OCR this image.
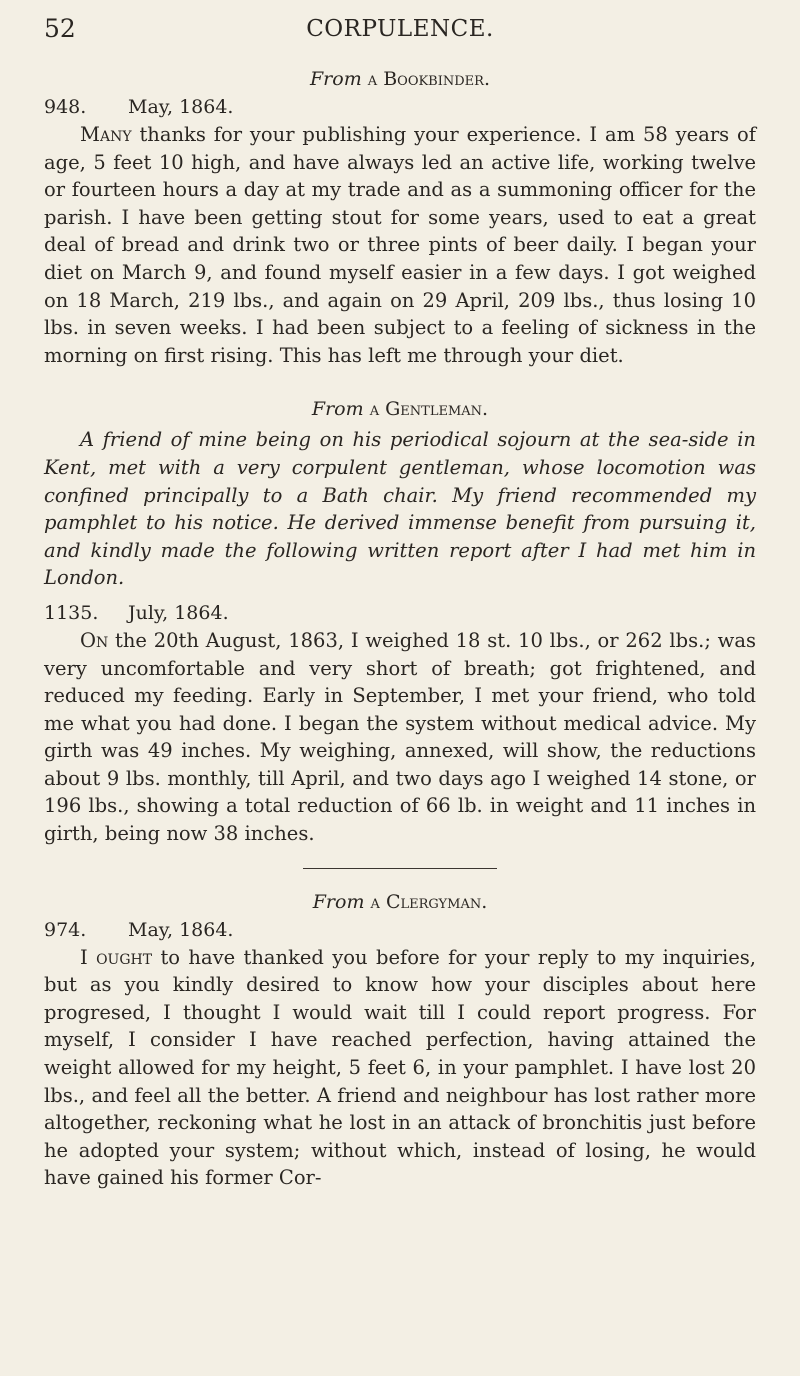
CORPULENCE.
52

From a Bookbinder.

948. May, 1864.

Many thanks for your publishing your experience. I am 58 years of age, 5 feet 10 high, and have always led an active life, working twelve or fourteen hours a day at my trade and as a summoning officer for the parish. I have been getting stout for some years, used to eat a great deal of bread and drink two or three pints of beer daily. I began your diet on March 9, and found myself easier in a few days. I got weighed on 18 March, 219 lbs., and again on 29 April, 209 lbs., thus losing 10 lbs. in seven weeks. I had been subject to a feeling of sickness in the morning on first rising. This has left me through your diet.

From a Gentleman.

A friend of mine being on his periodical sojourn at the sea-side in Kent, met with a very corpulent gentleman, whose locomotion was confined principally to a Bath chair. My friend recommended my pamphlet to his notice. He derived immense benefit from pursuing it, and kindly made the following written report after I had met him in London.

1135. July, 1864.

On the 20th August, 1863, I weighed 18 st. 10 lbs., or 262 lbs.; was very uncomfortable and very short of breath; got frightened, and reduced my feeding. Early in September, I met your friend, who told me what you had done. I began the system without medical advice. My girth was 49 inches. My weighing, annexed, will show, the reductions about 9 lbs. monthly, till April, and two days ago I weighed 14 stone, or 196 lbs., showing a total reduction of 66 lb. in weight and 11 inches in girth, being now 38 inches.

From a Clergyman.

974. May, 1864.

I ought to have thanked you before for your reply to my inquiries, but as you kindly desired to know how your disciples about here progresed, I thought I would wait till I could report progress. For myself, I consider I have reached perfection, having attained the weight allowed for my height, 5 feet 6, in your pamphlet. I have lost 20 lbs., and feel all the better. A friend and neighbour has lost rather more altogether, reckoning what he lost in an attack of bronchitis just before he adopted your system; without which, instead of losing, he would have gained his former Cor-
